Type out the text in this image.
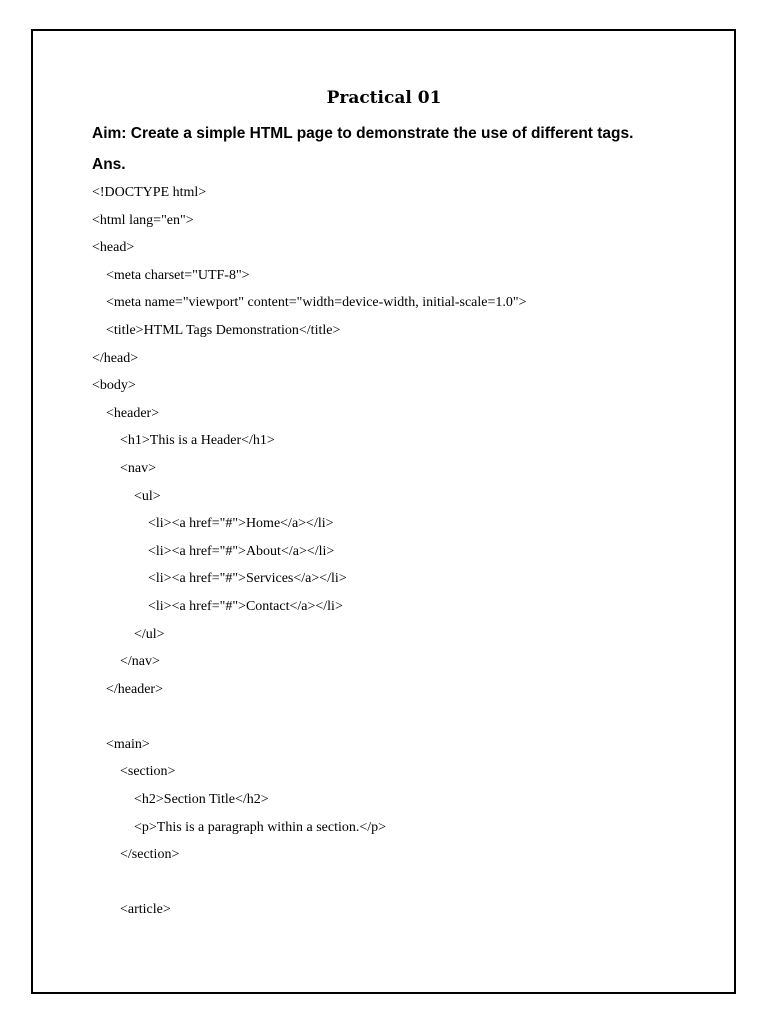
Practical 01
Aim: Create a simple HTML page to demonstrate the use of different tags.
Ans.
<!DOCTYPE html>
<html lang="en">
<head>
<meta charset="UTF-8">
<meta name="viewport" content="width=device-width, initial-scale=1.0">
<title>HTML Tags Demonstration</title>
</head>
<body>
<header>
<h1>This is a Header</h1>
<nav>
<ul>
<li><a href="#">Home</a></li>
<li><a href="#">About</a></li>
<li><a href="#">Services</a></li>
<li><a href="#">Contact</a></li>
</ul>
</nav>
</header>
<main>
<section>
<h2>Section Title</h2>
<p>This is a paragraph within a section.</p>
</section>
<article>
